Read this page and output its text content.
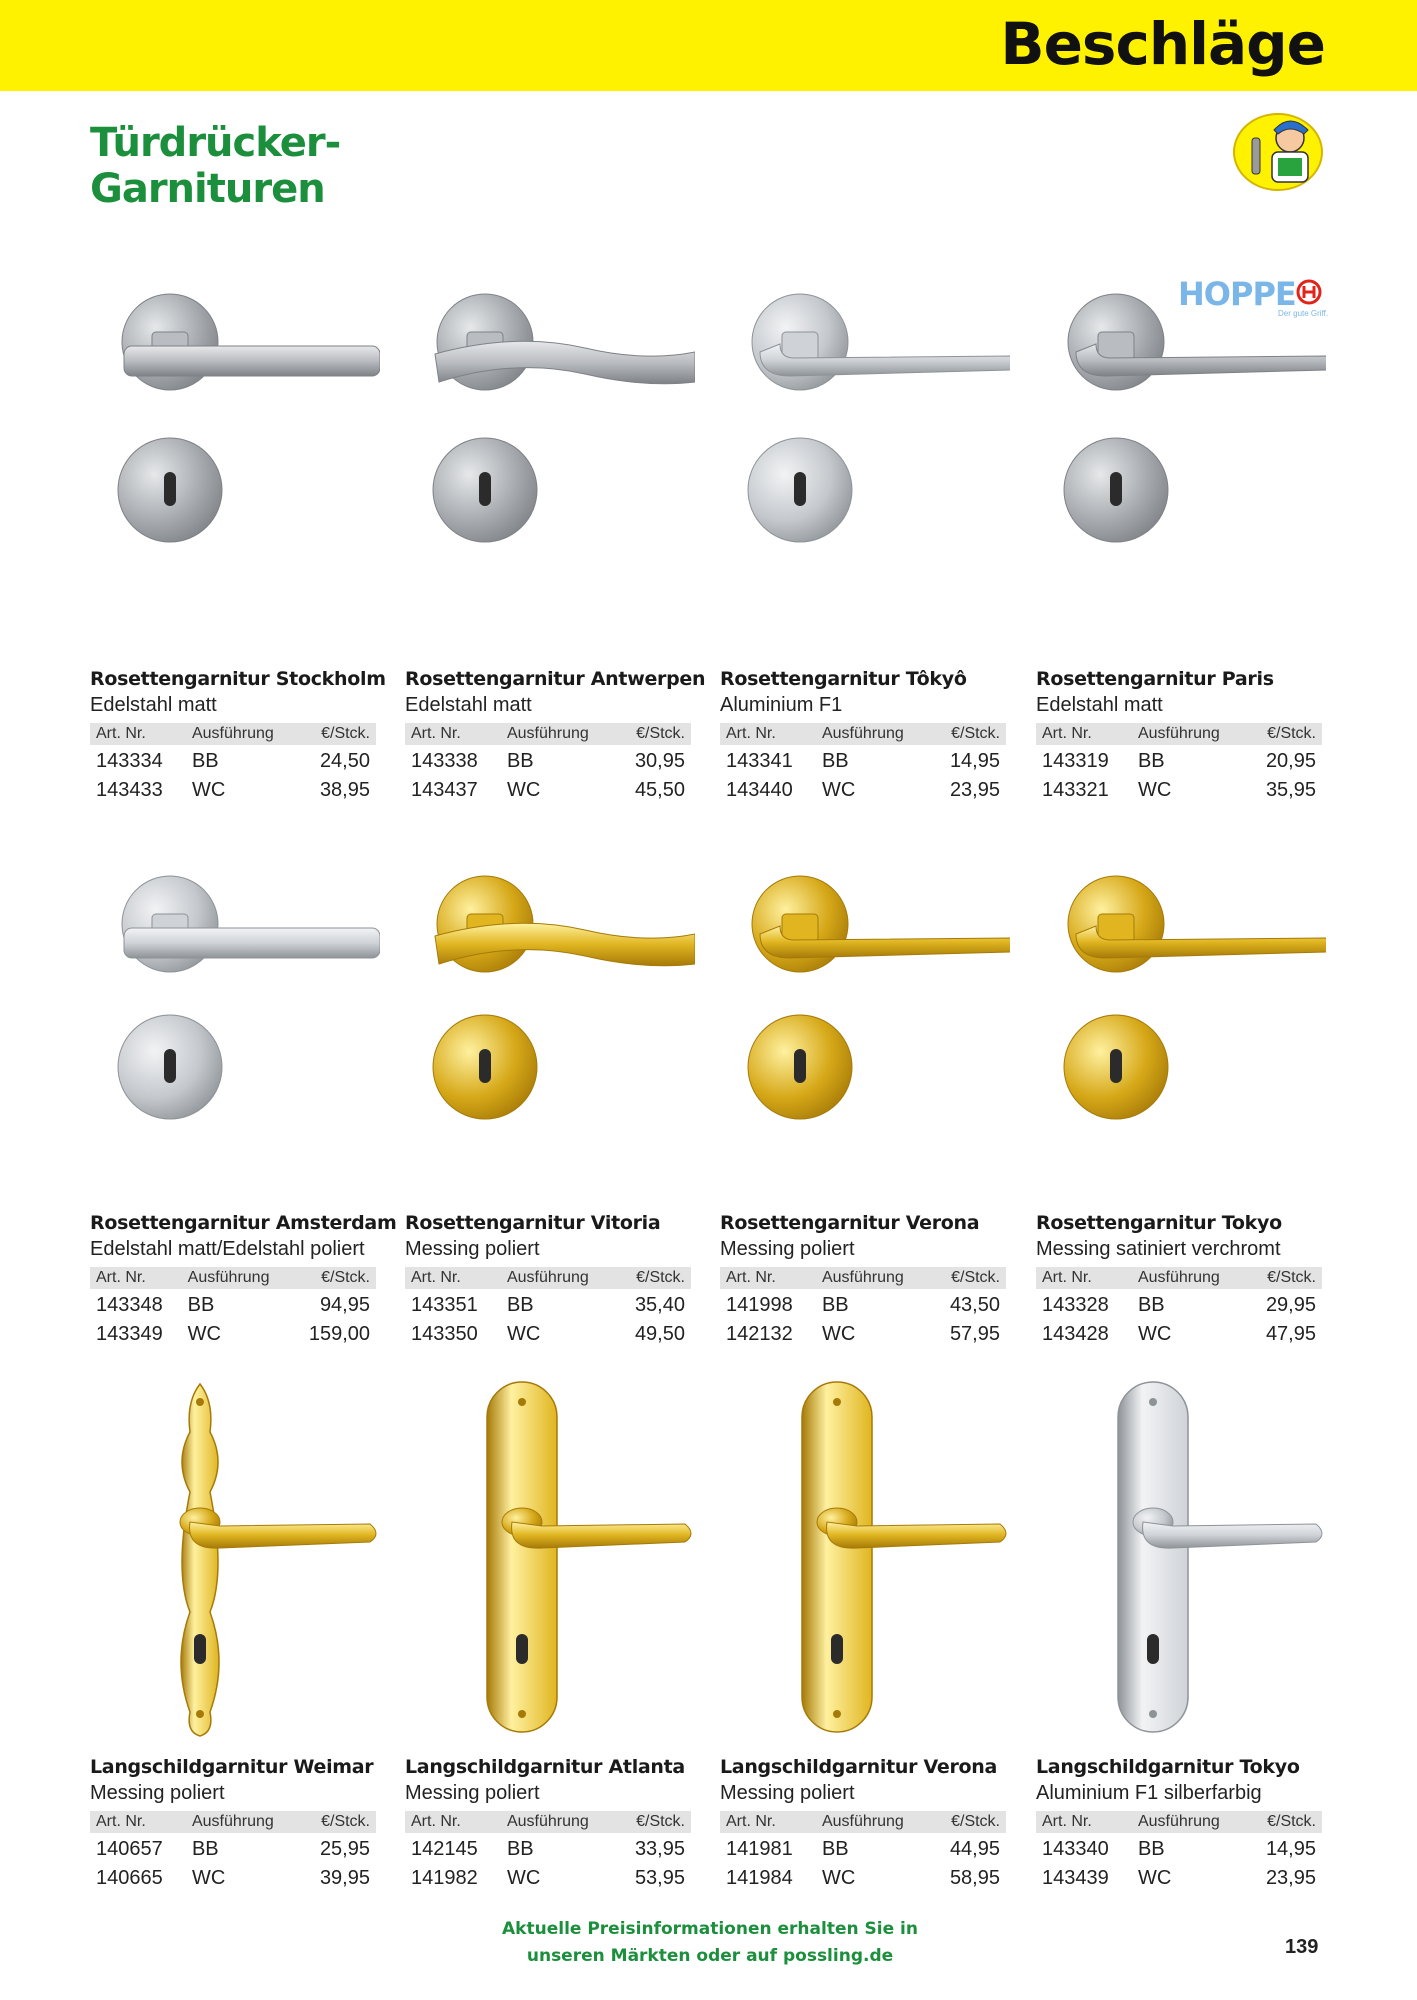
Beschläge
Türdrücker-
Garnituren
HOPPE
Der gute Griff.
Rosettengarnitur Stockholm
Edelstahl matt
Art. Nr.	Ausführung	€/Stck.
143334	BB	24,50
143433	WC	38,95
Rosettengarnitur Antwerpen
Edelstahl matt
Art. Nr.	Ausführung	€/Stck.
143338	BB	30,95
143437	WC	45,50
Rosettengarnitur Tôkyô
Aluminium F1
Art. Nr.	Ausführung	€/Stck.
143341	BB	14,95
143440	WC	23,95
Rosettengarnitur Paris
Edelstahl matt
Art. Nr.	Ausführung	€/Stck.
143319	BB	20,95
143321	WC	35,95
Rosettengarnitur Amsterdam
Edelstahl matt/Edelstahl poliert
Art. Nr.	Ausführung	€/Stck.
143348	BB	94,95
143349	WC	159,00
Rosettengarnitur Vitoria
Messing poliert
Art. Nr.	Ausführung	€/Stck.
143351	BB	35,40
143350	WC	49,50
Rosettengarnitur Verona
Messing poliert
Art. Nr.	Ausführung	€/Stck.
141998	BB	43,50
142132	WC	57,95
Rosettengarnitur Tokyo
Messing satiniert verchromt
Art. Nr.	Ausführung	€/Stck.
143328	BB	29,95
143428	WC	47,95
Langschildgarnitur Weimar
Messing poliert
Art. Nr.	Ausführung	€/Stck.
140657	BB	25,95
140665	WC	39,95
Langschildgarnitur Atlanta
Messing poliert
Art. Nr.	Ausführung	€/Stck.
142145	BB	33,95
141982	WC	53,95
Langschildgarnitur Verona
Messing poliert
Art. Nr.	Ausführung	€/Stck.
141981	BB	44,95
141984	WC	58,95
Langschildgarnitur Tokyo
Aluminium F1 silberfarbig
Art. Nr.	Ausführung	€/Stck.
143340	BB	14,95
143439	WC	23,95
Aktuelle Preisinformationen erhalten Sie in
unseren Märkten oder auf possling.de	139
